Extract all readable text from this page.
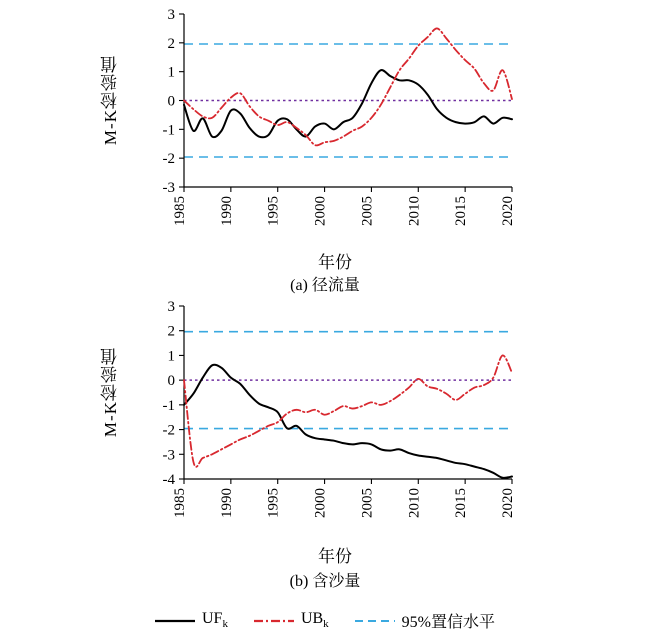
M-K检验值
-3
-2
-1
0
1
2
3
1985 1990 1995 2000 2005 2010 2015 2020
年份
(a) 径流量
M-K检验值
-4
-3
-2
-1
0
1
2
3
1985 1990 1995 2000 2005 2010 2015 2020
年份
(b) 含沙量
$UF_k$	$UB_k$	95%置信水平
